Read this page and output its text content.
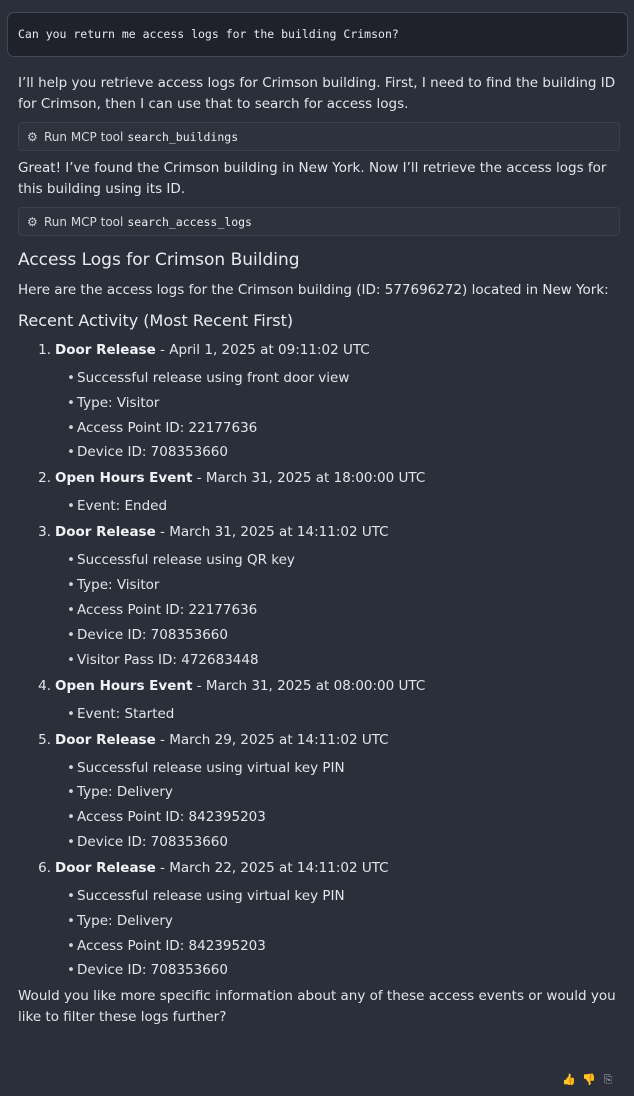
Can you return me access logs for the building Crimson?

I’ll help you retrieve access logs for Crimson building. First, I need to find the building ID for Crimson, then I can use that to search for access logs.

⚙ Run MCP tool search_buildings

Great! I’ve found the Crimson building in New York. Now I’ll retrieve the access logs for this building using its ID.

⚙ Run MCP tool search_access_logs
Access Logs for Crimson Building

Here are the access logs for the Crimson building (ID: 577696272) located in New York:

Recent Activity (Most Recent First)
1. Door Release - April 1, 2025 at 09:11:02 UTC
• Successful release using front door view
• Type: Visitor
• Access Point ID: 22177636
• Device ID: 708353660
2. Open Hours Event - March 31, 2025 at 18:00:00 UTC
• Event: Ended
3. Door Release - March 31, 2025 at 14:11:02 UTC
• Successful release using QR key
• Type: Visitor
• Access Point ID: 22177636
• Device ID: 708353660
• Visitor Pass ID: 472683448
4. Open Hours Event - March 31, 2025 at 08:00:00 UTC
• Event: Started
5. Door Release - March 29, 2025 at 14:11:02 UTC
• Successful release using virtual key PIN
• Type: Delivery
• Access Point ID: 842395203
• Device ID: 708353660
6. Door Release - March 22, 2025 at 14:11:02 UTC
• Successful release using virtual key PIN
• Type: Delivery
• Access Point ID: 842395203
• Device ID: 708353660

Would you like more specific information about any of these access events or would you like to filter these logs further?

👍 👎 ⎘
